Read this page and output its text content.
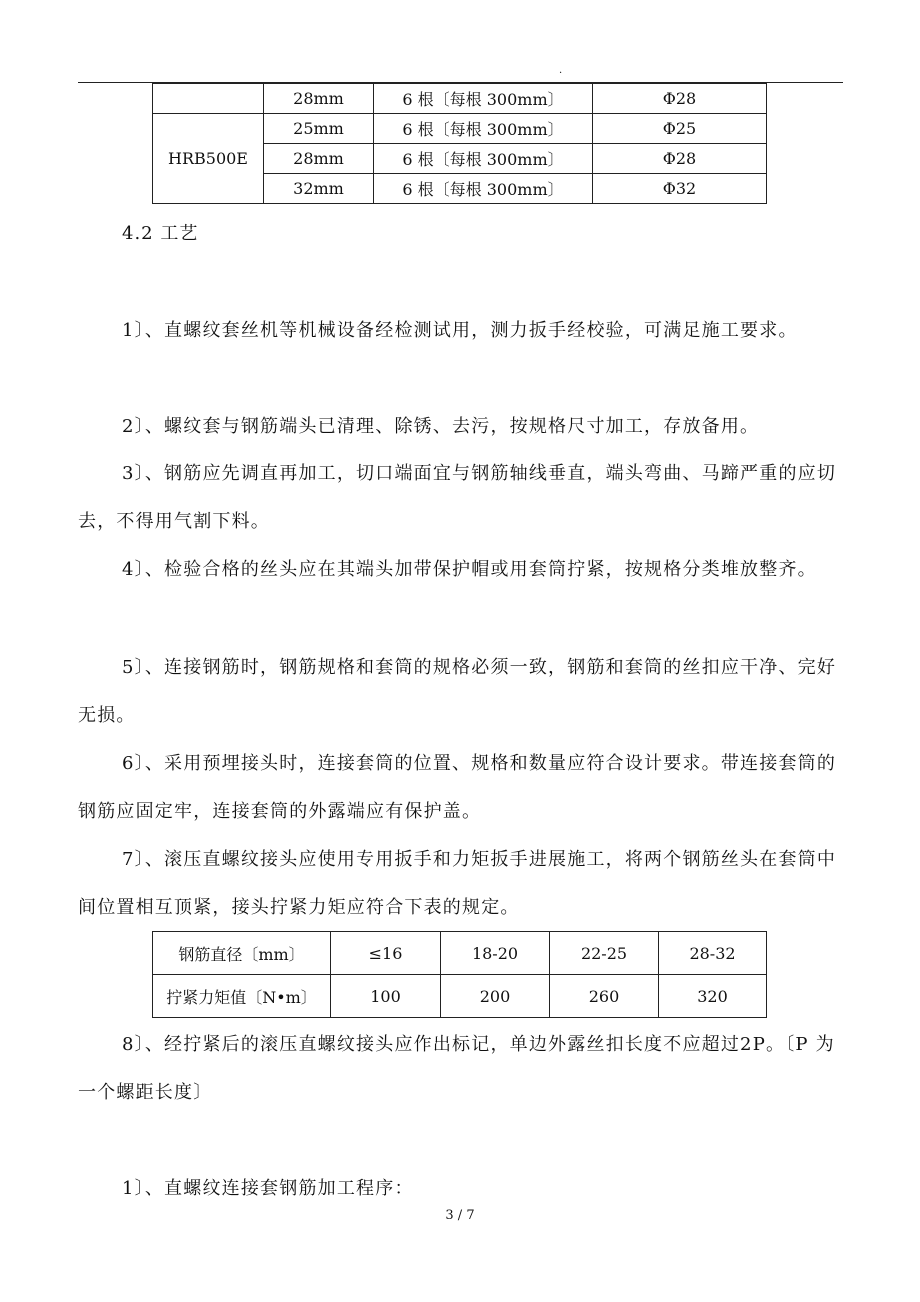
.
	28mm	6 根〔每根 300mm〕	Φ28
HRB500E	25mm	6 根〔每根 300mm〕	Φ25
	28mm	6 根〔每根 300mm〕	Φ28
	32mm	6 根〔每根 300mm〕	Φ32
4.2 工艺

1〕、直螺纹套丝机等机械设备经检测试用，测力扳手经校验，可满足施工要求。

2〕、螺纹套与钢筋端头已清理、除锈、去污，按规格尺寸加工，存放备用。

3〕、钢筋应先调直再加工，切口端面宜与钢筋轴线垂直，端头弯曲、马蹄严重的应切去，不得用气割下料。

4〕、检验合格的丝头应在其端头加带保护帽或用套筒拧紧，按规格分类堆放整齐。

5〕、连接钢筋时，钢筋规格和套筒的规格必须一致，钢筋和套筒的丝扣应干净、完好无损。

6〕、采用预埋接头时，连接套筒的位置、规格和数量应符合设计要求。带连接套筒的钢筋应固定牢，连接套筒的外露端应有保护盖。

7〕、滚压直螺纹接头应使用专用扳手和力矩扳手进展施工，将两个钢筋丝头在套筒中间位置相互顶紧，接头拧紧力矩应符合下表的规定。

钢筋直径〔mm〕	≤16	18-20	22-25	28-32
拧紧力矩值〔N•m〕	100	200	260	320

8〕、经拧紧后的滚压直螺纹接头应作出标记，单边外露丝扣长度不应超过2P。〔P 为一个螺距长度〕

1〕、直螺纹连接套钢筋加工程序：

3 / 7
